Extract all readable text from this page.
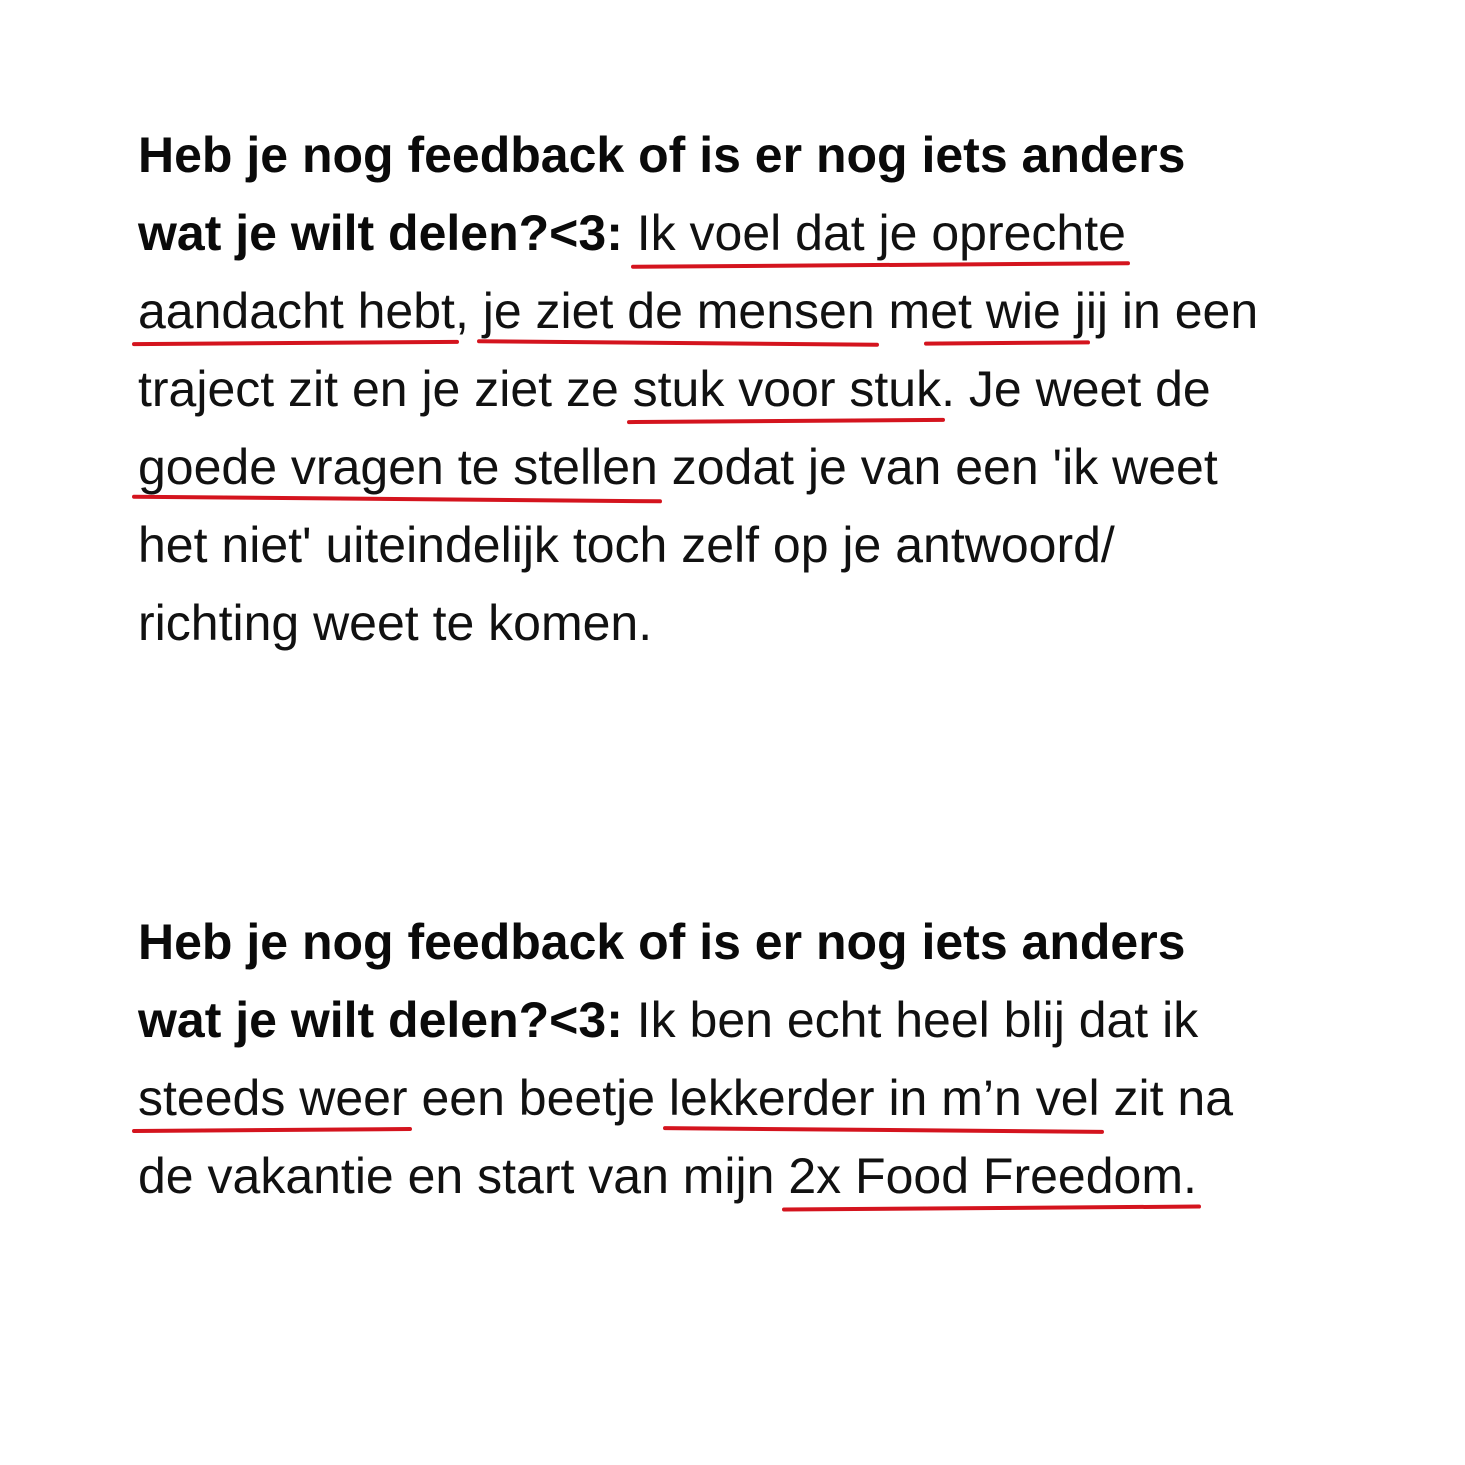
Heb je nog feedback of is er nog iets anders
wat je wilt delen?<3: Ik voel dat je oprechte
aandacht hebt, je ziet de mensen met wie jij in een
traject zit en je ziet ze stuk voor stuk. Je weet de
goede vragen te stellen zodat je van een 'ik weet
het niet' uiteindelijk toch zelf op je antwoord/
richting weet te komen.
Heb je nog feedback of is er nog iets anders
wat je wilt delen?<3: Ik ben echt heel blij dat ik
steeds weer een beetje lekkerder in m’n vel zit na
de vakantie en start van mijn 2x Food Freedom.
